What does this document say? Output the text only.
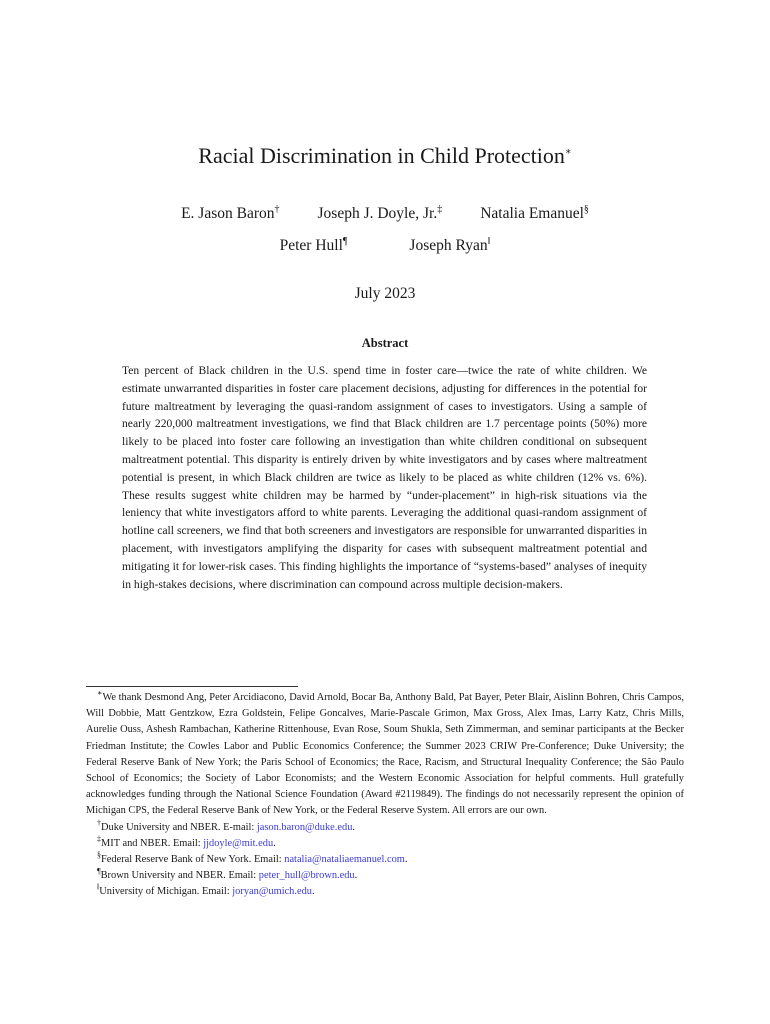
Racial Discrimination in Child Protection∗
E. Jason Baron† Joseph J. Doyle, Jr.‡ Natalia Emanuel§
Peter Hull¶	Joseph Ryan‖
July 2023
Abstract

Ten percent of Black children in the U.S. spend time in foster care—twice the rate of white children. We estimate unwarranted disparities in foster care placement decisions, adjusting for differences in the potential for future maltreatment by leveraging the quasi-random assignment of cases to investigators. Using a sample of nearly 220,000 maltreatment investigations, we find that Black children are 1.7 percentage points (50%) more likely to be placed into foster care following an investigation than white children conditional on subsequent maltreatment potential. This disparity is entirely driven by white investigators and by cases where maltreatment potential is present, in which Black children are twice as likely to be placed as white children (12% vs. 6%). These results suggest white children may be harmed by “under-placement” in high-risk situations via the leniency that white investigators afford to white parents. Leveraging the additional quasi-random assignment of hotline call screeners, we find that both screeners and investigators are responsible for unwarranted disparities in placement, with investigators amplifying the disparity for cases with subsequent maltreatment potential and mitigating it for lower-risk cases. This finding highlights the importance of “systems-based” analyses of inequity in high-stakes decisions, where discrimination can compound across multiple decision-makers.

∗We thank Desmond Ang, Peter Arcidiacono, David Arnold, Bocar Ba, Anthony Bald, Pat Bayer, Peter Blair, Aislinn Bohren, Chris Campos, Will Dobbie, Matt Gentzkow, Ezra Goldstein, Felipe Goncalves, Marie-Pascale Grimon, Max Gross, Alex Imas, Larry Katz, Chris Mills, Aurelie Ouss, Ashesh Rambachan, Katherine Rittenhouse, Evan Rose, Soum Shukla, Seth Zimmerman, and seminar participants at the Becker Friedman Institute; the Cowles Labor and Public Economics Conference; the Summer 2023 CRIW Pre-Conference; Duke University; the Federal Reserve Bank of New York; the Paris School of Economics; the Race, Racism, and Structural Inequality Conference; the São Paulo School of Economics; the Society of Labor Economists; and the Western Economic Association for helpful comments. Hull gratefully acknowledges funding through the National Science Foundation (Award #2119849). The findings do not necessarily represent the opinion of Michigan CPS, the Federal Reserve Bank of New York, or the Federal Reserve System. All errors are our own.

†Duke University and NBER. E-mail: jason.baron@duke.edu.

‡MIT and NBER. Email: jjdoyle@mit.edu.

§Federal Reserve Bank of New York. Email: natalia@nataliaemanuel.com.

¶Brown University and NBER. Email: peter_hull@brown.edu.

‖University of Michigan. Email: joryan@umich.edu.
